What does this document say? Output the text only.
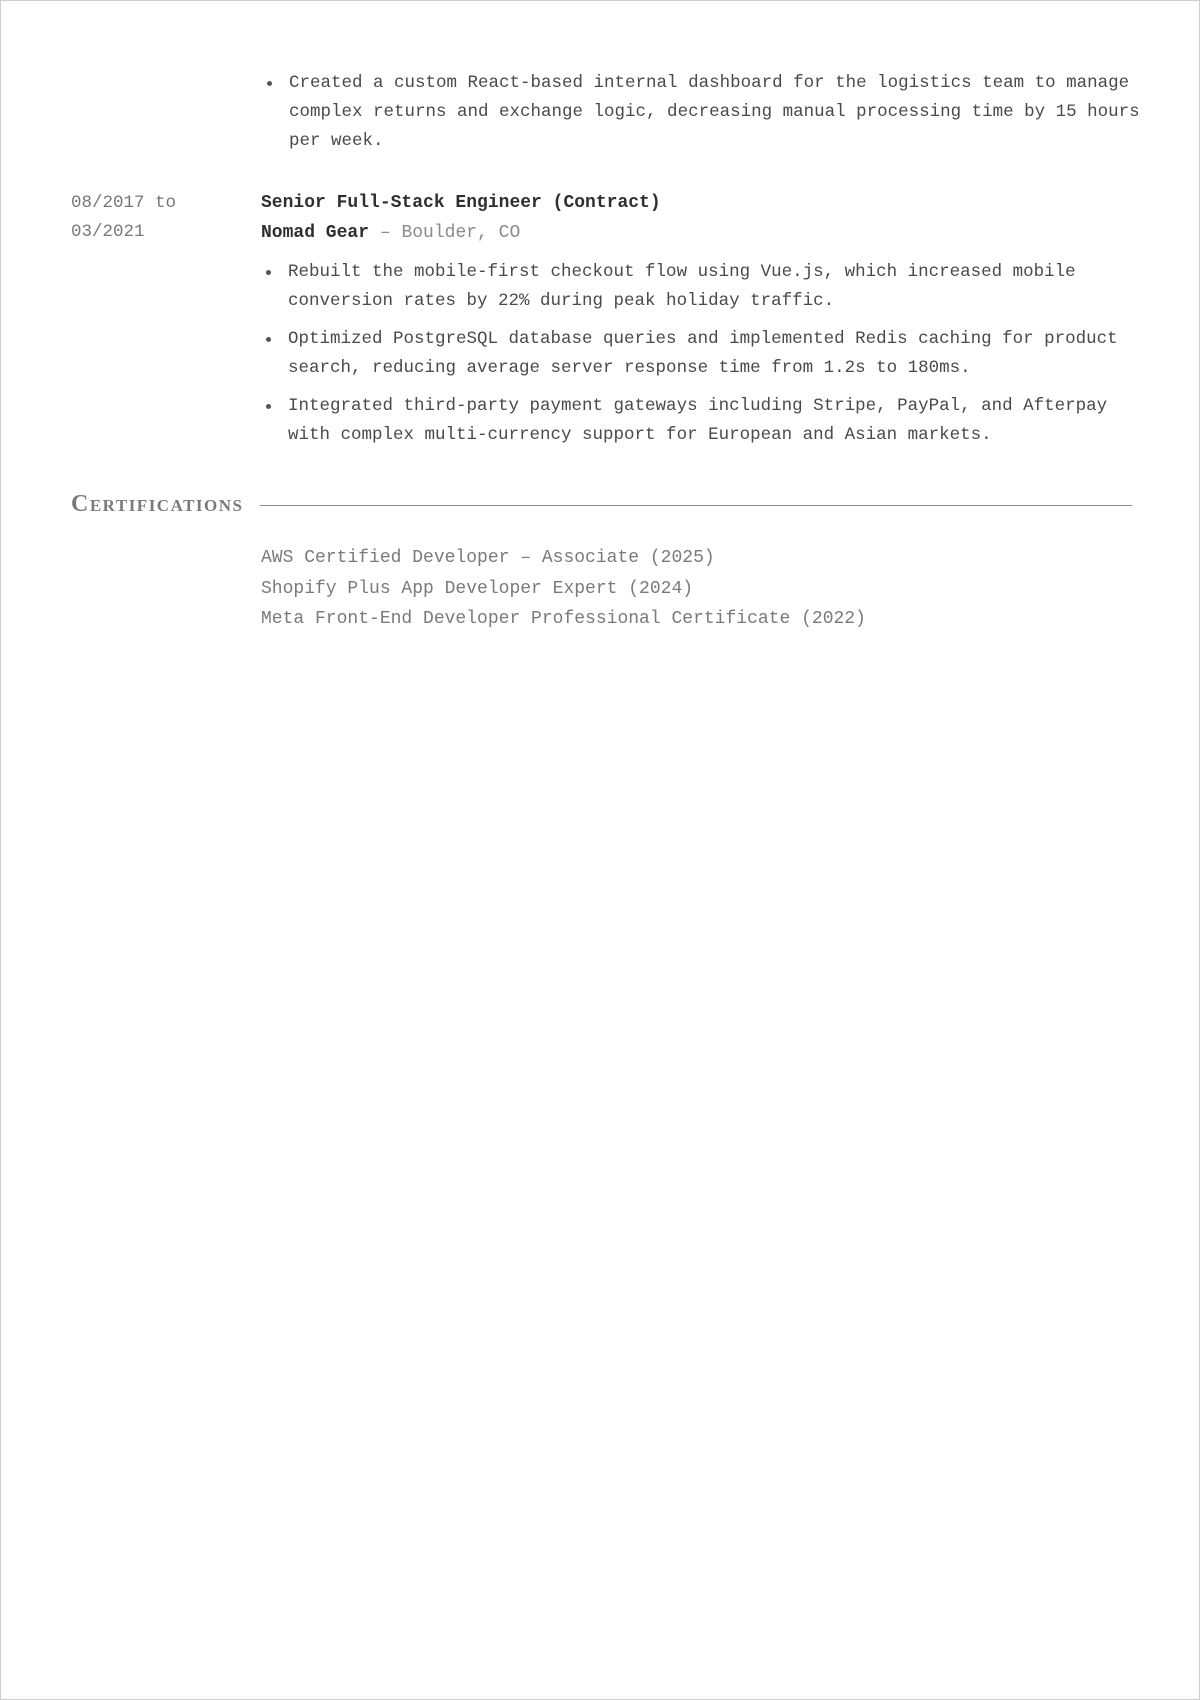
Created a custom React-based internal dashboard for the logistics team to manage complex returns and exchange logic, decreasing manual processing time by 15 hours per week.
08/2017 to
03/2021
Senior Full-Stack Engineer (Contract)
Nomad Gear – Boulder, CO
Rebuilt the mobile-first checkout flow using Vue.js, which increased mobile conversion rates by 22% during peak holiday traffic.
Optimized PostgreSQL database queries and implemented Redis caching for product search, reducing average server response time from 1.2s to 180ms.
Integrated third-party payment gateways including Stripe, PayPal, and Afterpay with complex multi-currency support for European and Asian markets.
Certifications
AWS Certified Developer – Associate (2025)
Shopify Plus App Developer Expert (2024)
Meta Front-End Developer Professional Certificate (2022)
